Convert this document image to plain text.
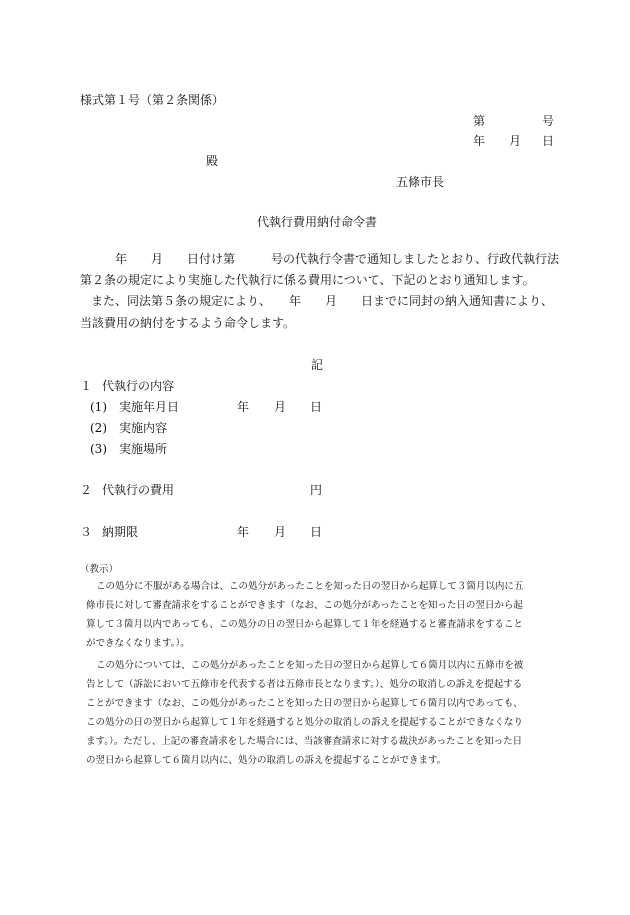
様式第１号（第２条関係）
第	号
年 月 日
殿
五條市長
代執行費用納付命令書
年　　月　　日付け第　　　号の代執行令書で通知しましたとおり、行政代執行法
第２条の規定により実施した代執行に係る費用について、下記のとおり通知します。
また、同法第５条の規定により、　　年　　月　　日までに同封の納入通知書により、
当該費用の納付をするよう命令します。
記
１ 代執行の内容
(1) 実施年月日	年 月 日
(2) 実施内容
(3) 実施場所
２ 代執行の費用	円
３ 納期限	年 月 日
（教示）
この処分に不服がある場合は、この処分があったことを知った日の翌日から起算して３箇月以内に五
條市長に対して審査請求をすることができます（なお、この処分があったことを知った日の翌日から起
算して３箇月以内であっても、この処分の日の翌日から起算して１年を経過すると審査請求をすること
ができなくなります。）。
この処分については、この処分があったことを知った日の翌日から起算して６箇月以内に五條市を被
告として（訴訟において五條市を代表する者は五條市長となります。）、処分の取消しの訴えを提起する
ことができます（なお、この処分があったことを知った日の翌日から起算して６箇月以内であっても、
この処分の日の翌日から起算して１年を経過すると処分の取消しの訴えを提起することができなくなり
ます。）。ただし、上記の審査請求をした場合には、当該審査請求に対する裁決があったことを知った日
の翌日から起算して６箇月以内に、処分の取消しの訴えを提起することができます。
